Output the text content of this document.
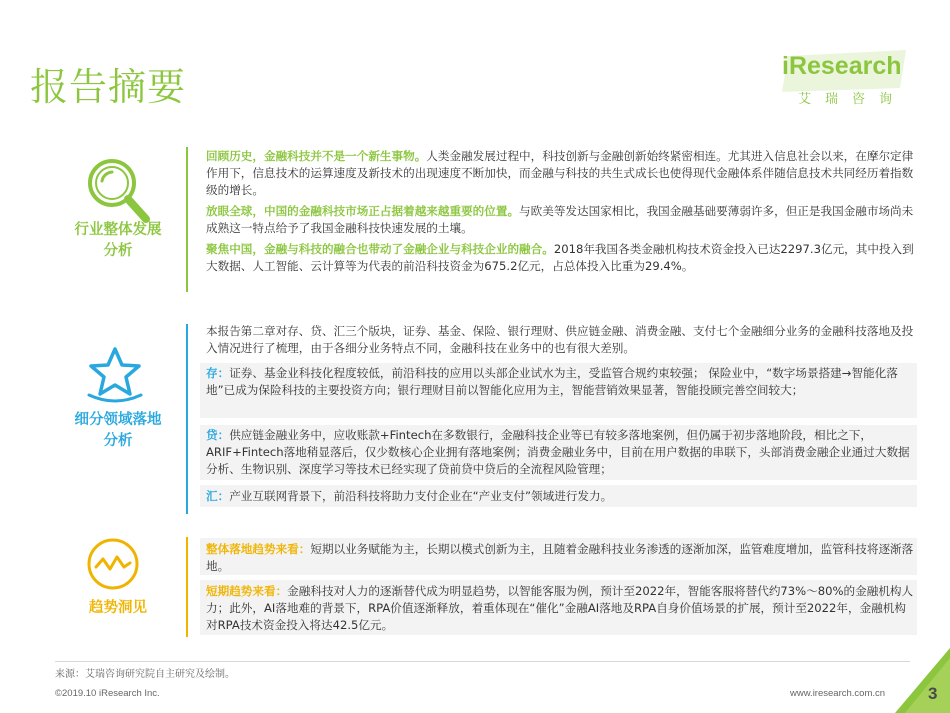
报告摘要	iResearch
艾瑞咨询
行业整体发展
分析

回顾历史，金融科技并不是一个新生事物。人类金融发展过程中，科技创新与金融创新始终紧密相连。尤其进入信息社会以来，在摩尔定律作用下，信息技术的运算速度及新技术的出现速度不断加快，而金融与科技的共生式成长也使得现代金融体系伴随信息技术共同经历着指数级的增长。

放眼全球，中国的金融科技市场正占据着越来越重要的位置。与欧美等发达国家相比，我国金融基础要薄弱许多，但正是我国金融市场尚未成熟这一特点给予了我国金融科技快速发展的土壤。

聚焦中国，金融与科技的融合也带动了金融企业与科技企业的融合。2018年我国各类金融机构技术资金投入已达2297.3亿元，其中投入到大数据、人工智能、云计算等为代表的前沿科技资金为675.2亿元，占总体投入比重为29.4%。

细分领域落地
分析

本报告第二章对存、贷、汇三个版块，证券、基金、保险、银行理财、供应链金融、消费金融、支付七个金融细分业务的金融科技落地及投入情况进行了梳理，由于各细分业务特点不同，金融科技在业务中的也有很大差别。

存：证券、基金业科技化程度较低，前沿科技的应用以头部企业试水为主，受监管合规约束较强； 保险业中，“数字场景搭建→智能化落地”已成为保险科技的主要投资方向；银行理财目前以智能化应用为主，智能营销效果显著，智能投顾完善空间较大；

贷：供应链金融业务中，应收账款+Fintech在多数银行，金融科技企业等已有较多落地案例，但仍属于初步落地阶段，相比之下，ARIF+Fintech落地稍显落后，仅少数核心企业拥有落地案例；消费金融业务中，目前在用户数据的串联下，头部消费金融企业通过大数据分析、生物识别、深度学习等技术已经实现了贷前贷中贷后的全流程风险管理；

汇：产业互联网背景下，前沿科技将助力支付企业在“产业支付”领域进行发力。

趋势洞见

整体落地趋势来看：短期以业务赋能为主，长期以模式创新为主，且随着金融科技业务渗透的逐渐加深，监管难度增加，监管科技将逐渐落地。

短期趋势来看：金融科技对人力的逐渐替代成为明显趋势，以智能客服为例，预计至2022年，智能客服将替代约73%～80%的金融机构人力；此外，AI落地难的背景下，RPA价值逐渐释放，着重体现在“催化”金融AI落地及RPA自身价值场景的扩展，预计至2022年，金融机构对RPA技术资金投入将达42.5亿元。

来源：艾瑞咨询研究院自主研究及绘制。
©2019.10 iResearch Inc.	www.iresearch.com.cn	3
